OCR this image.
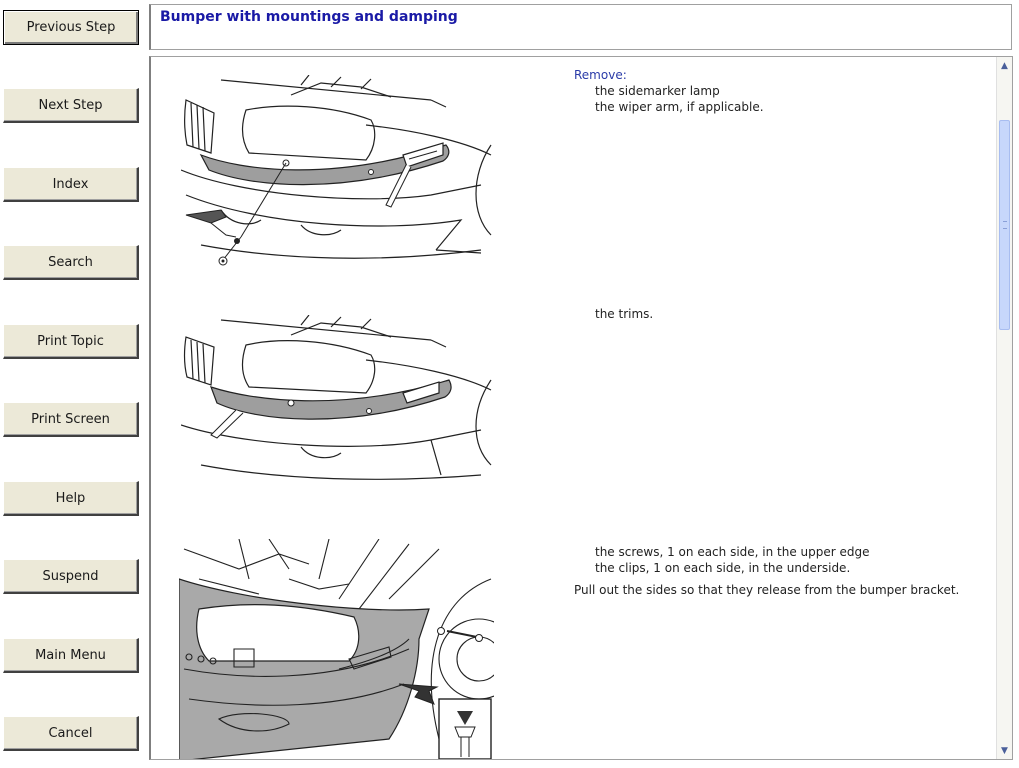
Previous Step
Next Step
Index
Search
Print Topic
Print Screen
Help
Suspend
Main Menu
Cancel
Bumper with mountings and damping
Remove:
the sidemarker lamp
the wiper arm, if applicable.
the trims.
the screws, 1 on each side, in the upper edge
the clips, 1 on each side, in the underside.
Pull out the sides so that they release from the bumper bracket.
▲
▼
